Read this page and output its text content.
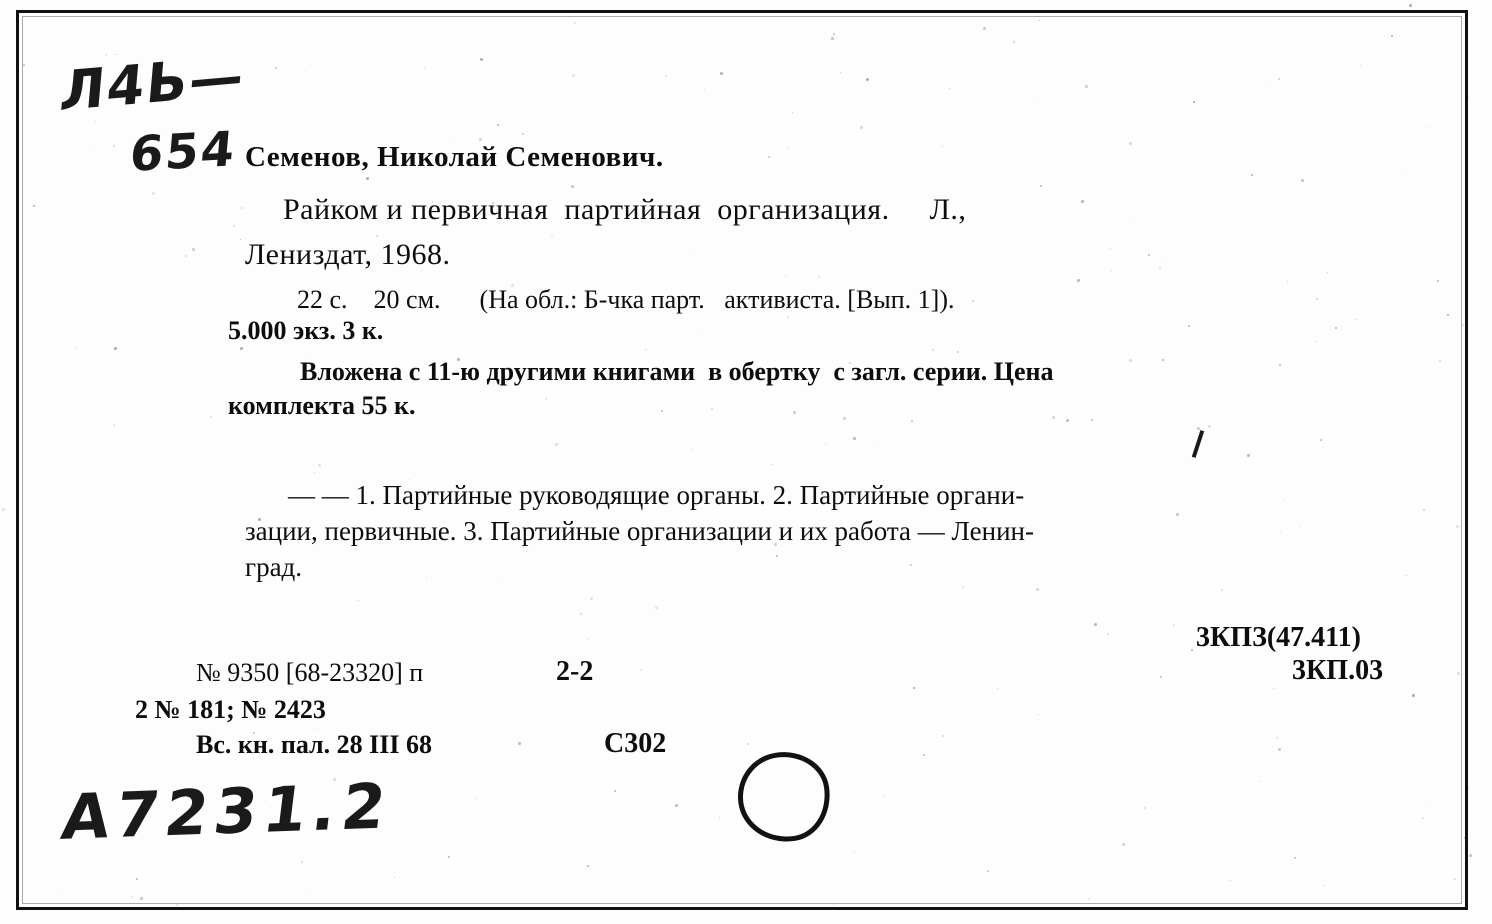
Л4Ь—
654 Семенов, Николай Семенович.
Райком и первичная  партийная  организация.     Л.,
Лениздат, 1968.
22 с.    20 см.      (На обл.: Б-чка парт.   активиста. [Вып. 1]).
5.000 экз. 3 к.
Вложена с 11-ю другими книгами  в обертку  с загл. серии. Цена
комплекта 55 к.
— — 1. Партийные руководящие органы. 2. Партийные органи-
зации, первичные. 3. Партийные организации и их работа — Ленин-
град.
3КПЗ(47.411)
3КП.03
№ 9350 [68-23320] п	2-2
2 № 181; № 2423
Вс. кн. пал. 28 III 68	С302
А7231.2
